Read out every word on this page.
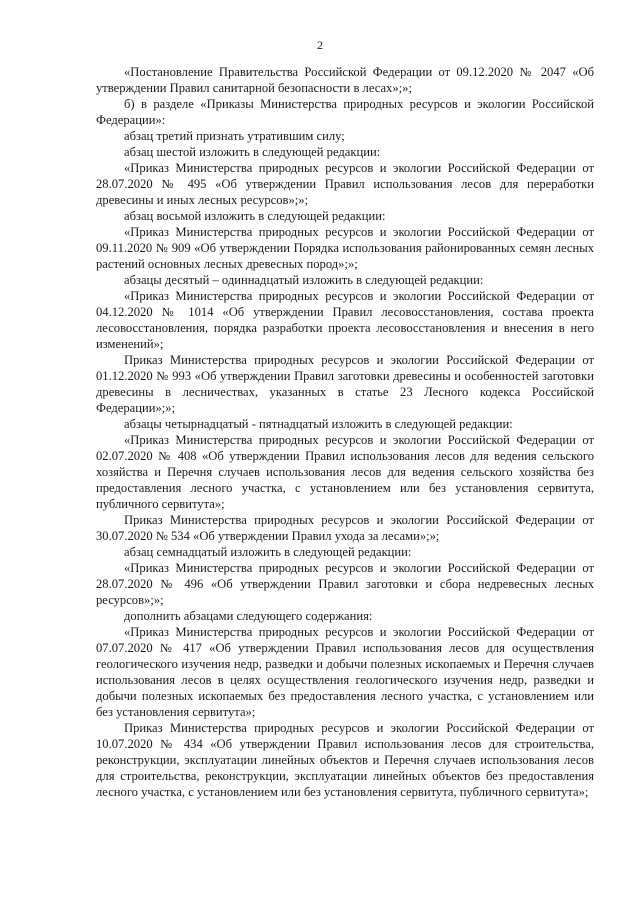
2

«Постановление Правительства Российской Федерации от 09.12.2020 № 2047 «Об утверждении Правил санитарной безопасности в лесах»;»;

б) в разделе «Приказы Министерства природных ресурсов и экологии Российской Федерации»:

абзац третий признать утратившим силу;

абзац шестой изложить в следующей редакции:

«Приказ Министерства природных ресурсов и экологии Российской Федерации от 28.07.2020 № 495 «Об утверждении Правил использования лесов для переработки древесины и иных лесных ресурсов»;»;

абзац восьмой изложить в следующей редакции:

«Приказ Министерства природных ресурсов и экологии Российской Федерации от 09.11.2020 № 909 «Об утверждении Порядка использования районированных семян лесных растений основных лесных древесных пород»;»;

абзацы десятый – одиннадцатый изложить в следующей редакции:

«Приказ Министерства природных ресурсов и экологии Российской Федерации от 04.12.2020 № 1014 «Об утверждении Правил лесовосстановления, состава проекта лесовосстановления, порядка разработки проекта лесовосстановления и внесения в него изменений»;

Приказ Министерства природных ресурсов и экологии Российской Федерации от 01.12.2020 № 993 «Об утверждении Правил заготовки древесины и особенностей заготовки древесины в лесничествах, указанных в статье 23 Лесного кодекса Российской Федерации»;»;

абзацы четырнадцатый - пятнадцатый изложить в следующей редакции:

«Приказ Министерства природных ресурсов и экологии Российской Федерации от 02.07.2020 № 408 «Об утверждении Правил использования лесов для ведения сельского хозяйства и Перечня случаев использования лесов для ведения сельского хозяйства без предоставления лесного участка, с установлением или без установления сервитута, публичного сервитута»;

Приказ Министерства природных ресурсов и экологии Российской Федерации от 30.07.2020 № 534 «Об утверждении Правил ухода за лесами»;»;

абзац семнадцатый изложить в следующей редакции:

«Приказ Министерства природных ресурсов и экологии Российской Федерации от 28.07.2020 № 496 «Об утверждении Правил заготовки и сбора недревесных лесных ресурсов»;»;

дополнить абзацами следующего содержания:

«Приказ Министерства природных ресурсов и экологии Российской Федерации от 07.07.2020 № 417 «Об утверждении Правил использования лесов для осуществления геологического изучения недр, разведки и добычи полезных ископаемых и Перечня случаев использования лесов в целях осуществления геологического изучения недр, разведки и добычи полезных ископаемых без предоставления лесного участка, с установлением или без установления сервитута»;

Приказ Министерства природных ресурсов и экологии Российской Федерации от 10.07.2020 № 434 «Об утверждении Правил использования лесов для строительства, реконструкции, эксплуатации линейных объектов и Перечня случаев использования лесов для строительства, реконструкции, эксплуатации линейных объектов без предоставления лесного участка, с установлением или без установления сервитута, публичного сервитута»;
